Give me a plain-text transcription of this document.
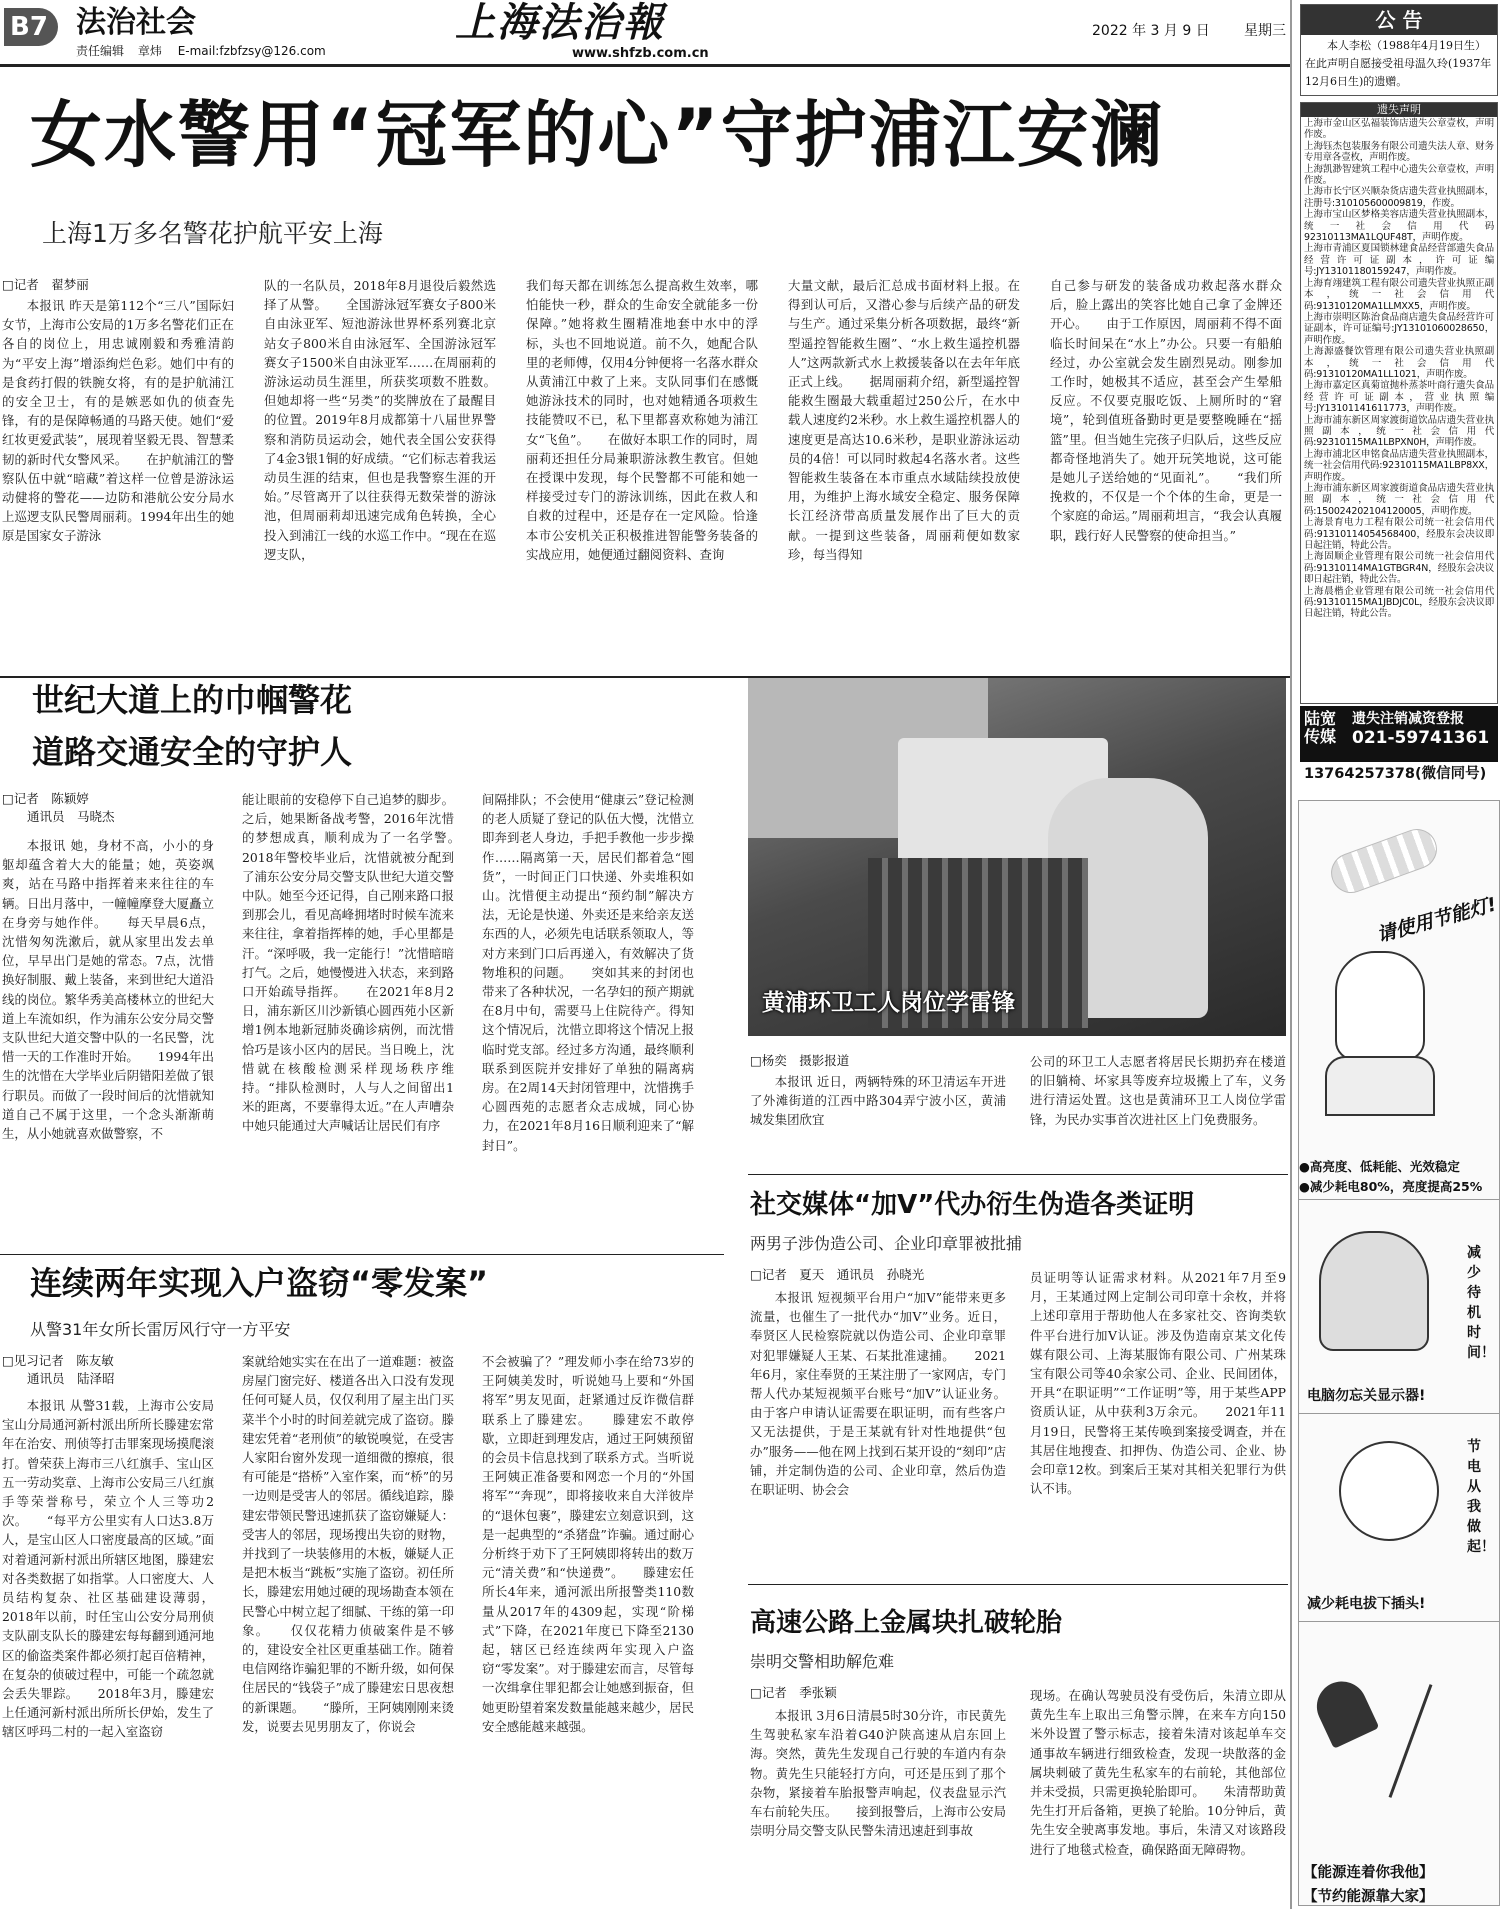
B7 法治社会
责任编辑 章炜 E-mail:fzbfzsy@126.com
上海法治報
www.shfzb.com.cn
2022 年 3 月 9 日 星期三
女水警用“冠军的心”守护浦江安澜
上海1万多名警花护航平安上海
□记者　翟梦丽

本报讯 昨天是第112个“三八”国际妇女节，上海市公安局的1万多名警花们正在各自的岗位上，用忠诚刚毅和秀雅清韵为“平安上海”增添绚烂色彩。她们中有的是食药打假的铁腕女将，有的是护航浦江的安全卫士，有的是嫉恶如仇的侦查先锋，有的是保障畅通的马路天使。她们“爱红妆更爱武装”，展现着坚毅无畏、智慧柔韧的新时代女警风采。　　在护航浦江的警察队伍中就“暗藏”着这样一位曾是游泳运动健将的警花——边防和港航公安分局水上巡逻支队民警周丽莉。1994年出生的她原是国家女子游泳

队的一名队员，2018年8月退役后毅然选择了从警。　　全国游泳冠军赛女子800米自由泳亚军、短池游泳世界杯系列赛北京站女子800米自由泳冠军、全国游泳冠军赛女子1500米自由泳亚军……在周丽莉的游泳运动员生涯里，所获奖项数不胜数。但她却将一些“另类”的奖牌放在了最醒目的位置。2019年8月成都第十八届世界警察和消防员运动会，她代表全国公安获得了4金3银1铜的好成绩。“它们标志着我运动员生涯的结束，但也是我警察生涯的开始。”尽管离开了以往获得无数荣誉的游泳池，但周丽莉却迅速完成角色转换，全心投入到浦江一线的水巡工作中。“现在在巡逻支队，

我们每天都在训练怎么提高救生效率，哪怕能快一秒，群众的生命安全就能多一份保障。”她将救生圈精准地套中水中的浮标，头也不回地说道。前不久，她配合队里的老师傅，仅用4分钟便将一名落水群众从黄浦江中救了上来。支队同事们在感慨她游泳技术的同时，也对她精通各项救生技能赞叹不已，私下里都喜欢称她为浦江女“飞鱼”。　　在做好本职工作的同时，周丽莉还担任分局兼职游泳教生教官。但她在授课中发现，每个民警都不可能和她一样接受过专门的游泳训练，因此在救人和自救的过程中，还是存在一定风险。恰逢本市公安机关正积极推进智能警务装备的实战应用，她便通过翻阅资料、查询

大量文献，最后汇总成书面材料上报。在得到认可后，又潜心参与后续产品的研发与生产。通过采集分析各项数据，最终“新型遥控智能救生圈”、“水上救生遥控机器人”这两款新式水上救援装备以在去年年底正式上线。　　据周丽莉介绍，新型遥控智能救生圈最大载重超过250公斤，在水中载人速度约2米秒。水上救生遥控机器人的速度更是高达10.6米秒，是职业游泳运动员的4倍！可以同时救起4名落水者。这些智能救生装备在本市重点水域陆续投放使用，为维护上海水域安全稳定、服务保障长江经济带高质量发展作出了巨大的贡献。一提到这些装备，周丽莉便如数家珍，每当得知

自己参与研发的装备成功救起落水群众后，脸上露出的笑容比她自己拿了金牌还开心。　　由于工作原因，周丽莉不得不面临长时间呆在“水上”办公。只要一有船舶经过，办公室就会发生剧烈晃动。刚参加工作时，她极其不适应，甚至会产生晕船反应。不仅要克服吃饭、上厕所时的“窘境”，轮到值班备勤时更是要整晚睡在“摇篮”里。但当她生完孩子归队后，这些反应都奇怪地消失了。她开玩笑地说，这可能是她儿子送给她的“见面礼”。　　“我们所挽救的，不仅是一个个体的生命，更是一个家庭的命运。”周丽莉坦言，“我会认真履职，践行好人民警察的使命担当。”

世纪大道上的巾帼警花
道路交通安全的守护人
□记者　陈颖婷
通讯员　马晓杰

本报讯 她，身材不高，小小的身躯却蕴含着大大的能量；她，英姿飒爽，站在马路中指挥着来来往往的车辆。日出月落中，一幢幢摩登大厦矗立在身旁与她作伴。　　每天早晨6点，沈惜匆匆洗漱后，就从家里出发去单位，早早出门是她的常态。7点，沈惜换好制服、戴上装备，来到世纪大道沿线的岗位。繁华秀美高楼林立的世纪大道上车流如织，作为浦东公安分局交警支队世纪大道交警中队的一名民警，沈惜一天的工作准时开始。　　1994年出生的沈惜在大学毕业后阴错阳差做了银行职员。而做了一段时间后的沈惜就知道自己不属于这里，一个念头渐渐萌生，从小她就喜欢做警察，不

能让眼前的安稳停下自己追梦的脚步。之后，她果断备战考警，2016年沈惜的梦想成真，顺利成为了一名学警。　　2018年警校毕业后，沈惜就被分配到了浦东公安分局交警支队世纪大道交警中队。她至今还记得，自己刚来路口报到那会儿，看见高峰拥堵时时候车流来来往往，拿着指挥棒的她，手心里都是汗。“深呼吸，我一定能行！”沈惜暗暗打气。之后，她慢慢进入状态，来到路口开始疏导指挥。　　在2021年8月2日，浦东新区川沙新镇心圆西苑小区新增1例本地新冠肺炎确诊病例，而沈惜恰巧是该小区内的居民。当日晚上，沈惜就在核酸检测采样现场秩序维持。“排队检测时，人与人之间留出1米的距离，不要靠得太近。”在人声嘈杂中她只能通过大声喊话让居民们有序

间隔排队；不会使用“健康云”登记检测的老人质疑了登记的队伍大慢，沈惜立即奔到老人身边，手把手教他一步步操作……隔离第一天，居民们都着急“囤货”，一时间正门口快递、外卖堆积如山。沈惜便主动提出“预约制”解决方法，无论是快递、外卖还是来给亲友送东西的人，必须先电话联系领取人，等对方来到门口后再递入，有效解决了货物堆积的问题。　　突如其来的封闭也带来了各种状况，一名孕妇的预产期就在8月中旬，需要马上住院待产。得知这个情况后，沈惜立即将这个情况上报临时党支部。经过多方沟通，最终顺利联系到医院并安排好了单独的隔离病房。在2周14天封闭管理中，沈惜携手心圆西苑的志愿者众志成城，同心协力，在2021年8月16日顺利迎来了“解封日”。

黄浦环卫工人岗位学雷锋
□杨奕　摄影报道

本报讯 近日，两辆特殊的环卫清运车开进了外滩街道的江西中路304弄宁波小区，黄浦城发集团欣宜

公司的环卫工人志愿者将居民长期扔弃在楼道的旧躺椅、坏家具等废弃垃圾搬上了车，义务进行清运处置。这也是黄浦环卫工人岗位学雷锋，为民办实事首次进社区上门免费服务。

社交媒体“加V”代办衍生伪造各类证明
两男子涉伪造公司、企业印章罪被批捕
□记者　夏天　通讯员　孙晓光

本报讯 短视频平台用户“加V”能带来更多流量，也催生了一批代办“加V”业务。近日，奉贤区人民检察院就以伪造公司、企业印章罪对犯罪嫌疑人王某、石某批准逮捕。　　2021年6月，家住奉贤的王某注册了一家网店，专门帮人代办某短视频平台账号“加V”认证业务。由于客户申请认证需要在职证明，而有些客户又无法提供，于是王某就有针对性地提供“包办”服务——他在网上找到石某开设的“刻印”店铺，并定制伪造的公司、企业印章，然后伪造在职证明、协会会

员证明等认证需求材料。从2021年7月至9月，王某通过网上定制公司印章十余枚，并将上述印章用于帮助他人在多家社交、咨询类软件平台进行加V认证。涉及伪造南京某文化传媒有限公司、上海某服饰有限公司、广州某珠宝有限公司等40余家公司、企业、民间团体，开具“在职证明”“工作证明”等，用于某些APP资质认证，从中获利3万余元。　　2021年11月19日，民警将王某传唤到案接受调查，并在其居住地搜查、扣押伪、伪造公司、企业、协会印章12枚。到案后王某对其相关犯罪行为供认不讳。

高速公路上金属块扎破轮胎
崇明交警相助解危难
□记者　季张颖

本报讯 3月6日清晨5时30分许，市民黄先生驾驶私家车沿着G40沪陕高速从启东回上海。突然，黄先生发现自己行驶的车道内有杂物。黄先生只能轻打方向，可还是压到了那个杂物，紧接着车胎报警声响起，仪表盘显示汽车右前轮失压。　　接到报警后，上海市公安局崇明分局交警支队民警朱清迅速赶到事故

现场。在确认驾驶员没有受伤后，朱清立即从黄先生车上取出三角警示牌，在来车方向150米外设置了警示标志，接着朱清对该起单车交通事故车辆进行细致检查，发现一块散落的金属块刺破了黄先生私家车的右前轮，其他部位并未受损，只需更换轮胎即可。　　朱清帮助黄先生打开后备箱，更换了轮胎。10分钟后，黄先生安全驶离事发地。事后，朱清又对该路段进行了地毯式检查，确保路面无障碍物。

连续两年实现入户盗窃“零发案”
从警31年女所长雷厉风行守一方平安
□见习记者　陈友敏
通讯员　陆泽昭

本报讯 从警31载，上海市公安局宝山分局通河新村派出所所长滕建宏常年在治安、刑侦等打击罪案现场摸爬滚打。曾荣获上海市三八红旗手、宝山区五一劳动奖章、上海市公安局三八红旗手等荣誉称号，荣立个人三等功2次。　　“每平方公里实有人口达3.8万人，是宝山区人口密度最高的区域。”面对着通河新村派出所辖区地图，滕建宏对各类数据了如指掌。人口密度大、人员结构复杂、社区基础建设薄弱，2018年以前，时任宝山公安分局刑侦支队副支队长的滕建宏每每翻到通河地区的偷盗类案件都必须打起百倍精神，在复杂的侦破过程中，可能一个疏忽就会丢失罪踪。　　2018年3月，滕建宏上任通河新村派出所所长伊始，发生了辖区呼玛二村的一起入室盗窃

案就给她实实在在出了一道难题：被盗房屋门窗完好、楼道各出入口没有发现任何可疑人员，仅仅利用了屋主出门买菜半个小时的时间差就完成了盗窃。滕建宏凭着“老刑侦”的敏锐嗅觉，在受害人家阳台窗外发现一道细微的擦痕，很有可能是“搭桥”入室作案，而“桥”的另一边则是受害人的邻居。循线追踪，滕建宏带领民警迅速抓获了盗窃嫌疑人：受害人的邻居，现场搜出失窃的财物，并找到了一块装修用的木板，嫌疑人正是把木板当“跳板”实施了盗窃。初任所长，滕建宏用她过硬的现场勘查本领在民警心中树立起了细腻、干练的第一印象。　　仅仅花精力侦破案件是不够的，建设安全社区更重基础工作。随着电信网络诈骗犯罪的不断升级，如何保住居民的“钱袋子”成了滕建宏日思夜想的新课题。　　“滕所，王阿姨刚刚来烫发，说要去见男朋友了，你说会

不会被骗了？”理发师小李在给73岁的王阿姨美发时，听说她马上要和“外国将军”男友见面，赶紧通过反诈微信群联系上了滕建宏。　　滕建宏不敢停歇，立即赶到理发店，通过王阿姨预留的会员卡信息找到了联系方式。当听说王阿姨正准备要和网恋一个月的“外国将军”“奔现”，即将接收来自大洋彼岸的“退休包裹”，滕建宏立刻意识到，这是一起典型的“杀猪盘”诈骗。通过耐心分析终于劝下了王阿姨即将转出的数万元“清关费”和“快递费”。　　滕建宏任所长4年来，通河派出所报警类110数量从2017年的4309起，实现“阶梯式”下降，在2021年度已下降至2130起，辖区已经连续两年实现入户盗窃“零发案”。对于滕建宏而言，尽管每一次缉拿住罪犯都会让她感到振奋，但她更盼望着案发数量能越来越少，居民安全感能越来越强。

公 告
本人李松（1988年4月19日生）在此声明自愿接受祖母温久玲(1937年12月6日生)的遗赠。
遗失声明
上海市金山区弘福装饰店遗失公章壹枚，声明作废。
上海钰杰包装服务有限公司遗失法人章、财务专用章各壹枚，声明作废。
上海凯渺智建筑工程中心遗失公章壹枚，声明作废。
上海市长宁区兴顺杂货店遗失营业执照副本，注册号:310105600009819，作废。
上海市宝山区梦格美容店遗失营业执照副本，统一社会信用代码92310113MA1LQUF48T，声明作废。
上海市青浦区夏国锁林建食品经营部遗失食品经营许可证副本，许可证编号:JY13101180159247，声明作废。
上海育翊建筑工程有限公司遗失营业执照正副本，统一社会信用代码:91310120MA1LLMXX5，声明作废。
上海市崇明区陈治食品商店遗失食品经营许可证副本，许可证编号:JY13101060028650，声明作废。
上海源盛餐饮管理有限公司遗失营业执照副本，统一社会信用代码:91310120MA1LL1021，声明作废。
上海市嘉定区真菊谊抛朴蒸茶叶商行遗失食品经营许可证副本，营业执照编号:JY13101141611773，声明作废。
上海市浦东新区周家渡街道饮品店遗失营业执照副本，统一社会信用代码:92310115MA1LBPXN0H，声明作废。
上海市浦北区申铭食品店遗失营业执照副本，统一社会信用代码:92310115MA1LBP8XX，声明作废。
上海市浦东新区周家渡街道食品店遗失营业执照副本，统一社会信用代码:150024202104120005，声明作废。
上海景育电力工程有限公司统一社会信用代码:91310114054568400，经股东会决议即日起注销，特此公告。
上海固顺企业管理有限公司统一社会信用代码:91310114MA1GTBGR4N，经股东会决议即日起注销，特此公告。
上海晨楷企业管理有限公司统一社会信用代码:91310115MA1JBDJC0L，经股东会决议即日起注销，特此公告。
陆宽传媒
遗失注销减资登报
021-59741361
13764257378(微信同号)
请使用节能灯!
●高亮度、低耗能、光效稳定
●减少耗电80%，亮度提高25%
减少待机时间！
电脑勿忘关显示器!
节电从我做起！
减少耗电拔下插头!
【能源连着你我他】
【节约能源靠大家】
